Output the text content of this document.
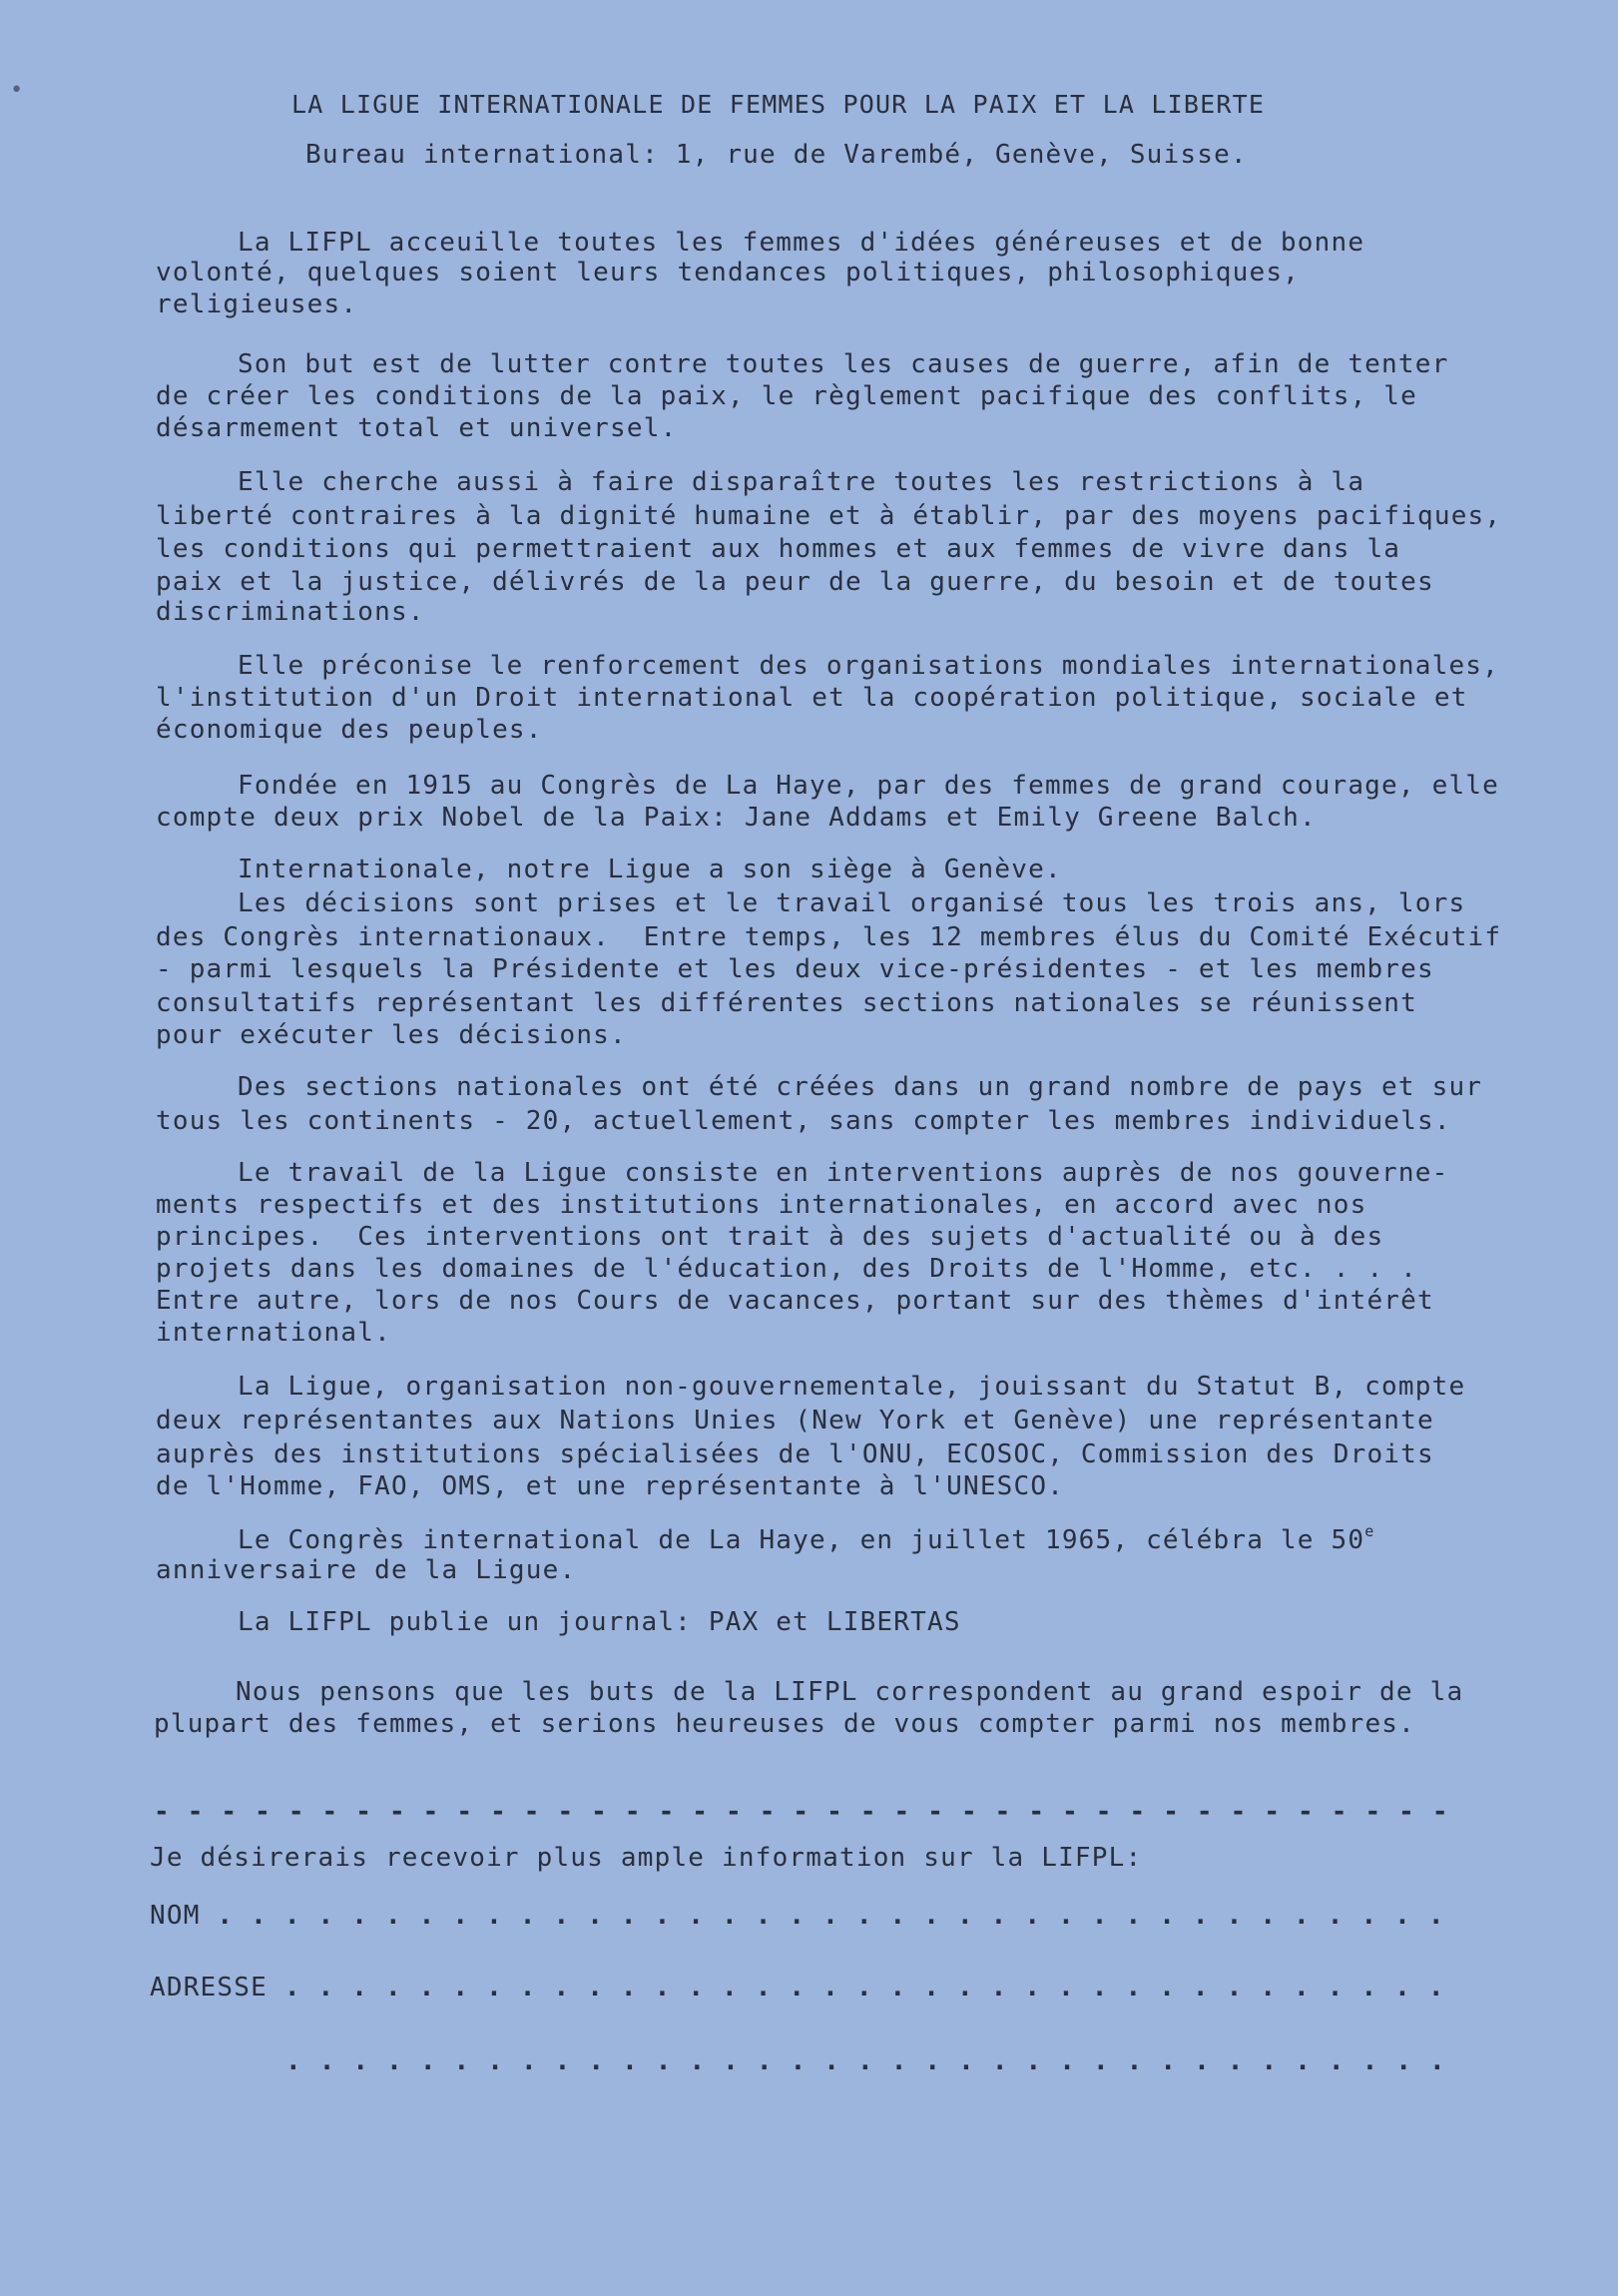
•	LA LIGUE INTERNATIONALE DE FEMMES POUR LA PAIX ET LA LIBERTE

Bureau international: 1, rue de Varembé, Genève, Suisse.

La LIFPL acceuille toutes les femmes d'idées généreuses et de bonne

volonté, quelques soient leurs tendances politiques, philosophiques,

religieuses.

Son but est de lutter contre toutes les causes de guerre, afin de tenter

de créer les conditions de la paix, le règlement pacifique des conflits, le

désarmement total et universel.

Elle cherche aussi à faire disparaître toutes les restrictions à la

liberté contraires à la dignité humaine et à établir, par des moyens pacifiques,

les conditions qui permettraient aux hommes et aux femmes de vivre dans la

paix et la justice, délivrés de la peur de la guerre, du besoin et de toutes

discriminations.

Elle préconise le renforcement des organisations mondiales internationales,

l'institution d'un Droit international et la coopération politique, sociale et

économique des peuples.

Fondée en 1915 au Congrès de La Haye, par des femmes de grand courage, elle

compte deux prix Nobel de la Paix: Jane Addams et Emily Greene Balch.

Internationale, notre Ligue a son siège à Genève.

Les décisions sont prises et le travail organisé tous les trois ans, lors

des Congrès internationaux.  Entre temps, les 12 membres élus du Comité Exécutif

- parmi lesquels la Présidente et les deux vice-présidentes - et les membres

consultatifs représentant les différentes sections nationales se réunissent

pour exécuter les décisions.

Des sections nationales ont été créées dans un grand nombre de pays et sur

tous les continents - 20, actuellement, sans compter les membres individuels.

Le travail de la Ligue consiste en interventions auprès de nos gouverne-

ments respectifs et des institutions internationales, en accord avec nos

principes.  Ces interventions ont trait à des sujets d'actualité ou à des

projets dans les domaines de l'éducation, des Droits de l'Homme, etc. . . .

Entre autre, lors de nos Cours de vacances, portant sur des thèmes d'intérêt

international.

La Ligue, organisation non-gouvernementale, jouissant du Statut B, compte

deux représentantes aux Nations Unies (New York et Genève) une représentante

auprès des institutions spécialisées de l'ONU, ECOSOC, Commission des Droits

de l'Homme, FAO, OMS, et une représentante à l'UNESCO.

Le Congrès international de La Haye, en juillet 1965, célébra le 50e

anniversaire de la Ligue.

La LIFPL publie un journal: PAX et LIBERTAS

Nous pensons que les buts de la LIFPL correspondent au grand espoir de la

plupart des femmes, et serions heureuses de vous compter parmi nos membres.

- - - - - - - - - - - - - - - - - - - - - - - - - - - - - - - - - - - - - - -

Je désirerais recevoir plus ample information sur la LIFPL:

NOM . . . . . . . . . . . . . . . . . . . . . . . . . . . . . . . . . . . . .

ADRESSE . . . . . . . . . . . . . . . . . . . . . . . . . . . . . . . . . . .

. . . . . . . . . . . . . . . . . . . . . . . . . . . . . . . . . . .
